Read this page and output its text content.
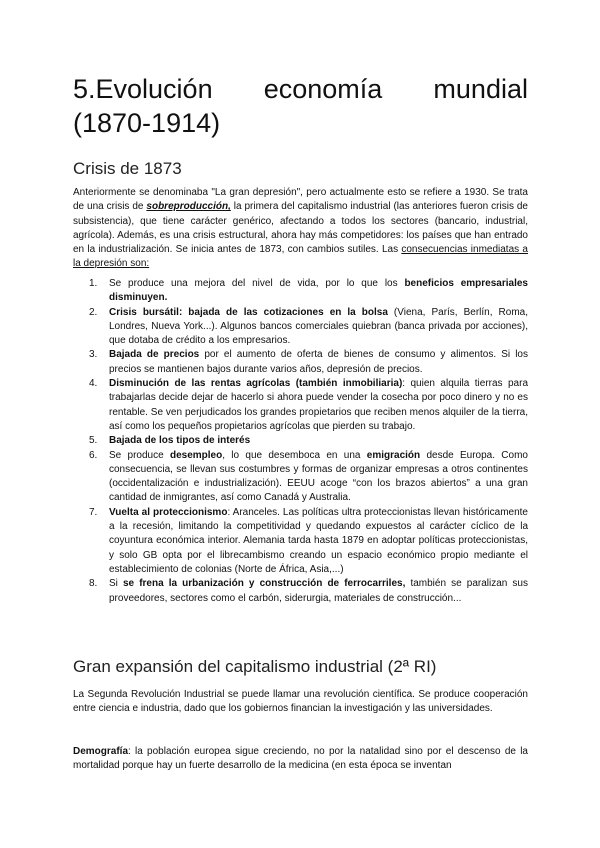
5.Evolución economía mundial
(1870-1914)
Crisis de 1873

Anteriormente se denominaba "La gran depresión", pero actualmente esto se refiere a 1930. Se trata de una crisis de sobreproducción, la primera del capitalismo industrial (las anteriores fueron crisis de subsistencia), que tiene carácter genérico, afectando a todos los sectores (bancario, industrial, agrícola). Además, es una crisis estructural, ahora hay más competidores: los países que han entrado en la industrialización. Se inicia antes de 1873, con cambios sutiles. Las consecuencias inmediatas a la depresión son:

1. Se produce una mejora del nivel de vida, por lo que los beneficios empresariales disminuyen.
2. Crisis bursátil: bajada de las cotizaciones en la bolsa (Viena, París, Berlín, Roma, Londres, Nueva York...). Algunos bancos comerciales quiebran (banca privada por acciones), que dotaba de crédito a los empresarios.
3. Bajada de precios por el aumento de oferta de bienes de consumo y alimentos. Si los precios se mantienen bajos durante varios años, depresión de precios.
4. Disminución de las rentas agrícolas (también inmobiliaria): quien alquila tierras para trabajarlas decide dejar de hacerlo si ahora puede vender la cosecha por poco dinero y no es rentable. Se ven perjudicados los grandes propietarios que reciben menos alquiler de la tierra, así como los pequeños propietarios agrícolas que pierden su trabajo.
5. Bajada de los tipos de interés
6. Se produce desempleo, lo que desemboca en una emigración desde Europa. Como consecuencia, se llevan sus costumbres y formas de organizar empresas a otros continentes (occidentalización e industrialización). EEUU acoge “con los brazos abiertos” a una gran cantidad de inmigrantes, así como Canadá y Australia.
7. Vuelta al proteccionismo: Aranceles. Las políticas ultra proteccionistas llevan históricamente a la recesión, limitando la competitividad y quedando expuestos al carácter cíclico de la coyuntura económica interior. Alemania tarda hasta 1879 en adoptar políticas proteccionistas, y solo GB opta por el librecambismo creando un espacio económico propio mediante el establecimiento de colonias (Norte de África, Asia,...)
8. Si se frena la urbanización y construcción de ferrocarriles, también se paralizan sus proveedores, sectores como el carbón, siderurgia, materiales de construcción...
Gran expansión del capitalismo industrial (2ª RI)

La Segunda Revolución Industrial se puede llamar una revolución científica. Se produce cooperación entre ciencia e industria, dado que los gobiernos financian la investigación y las universidades.

Demografía: la población europea sigue creciendo, no por la natalidad sino por el descenso de la mortalidad porque hay un fuerte desarrollo de la medicina (en esta época se inventan
